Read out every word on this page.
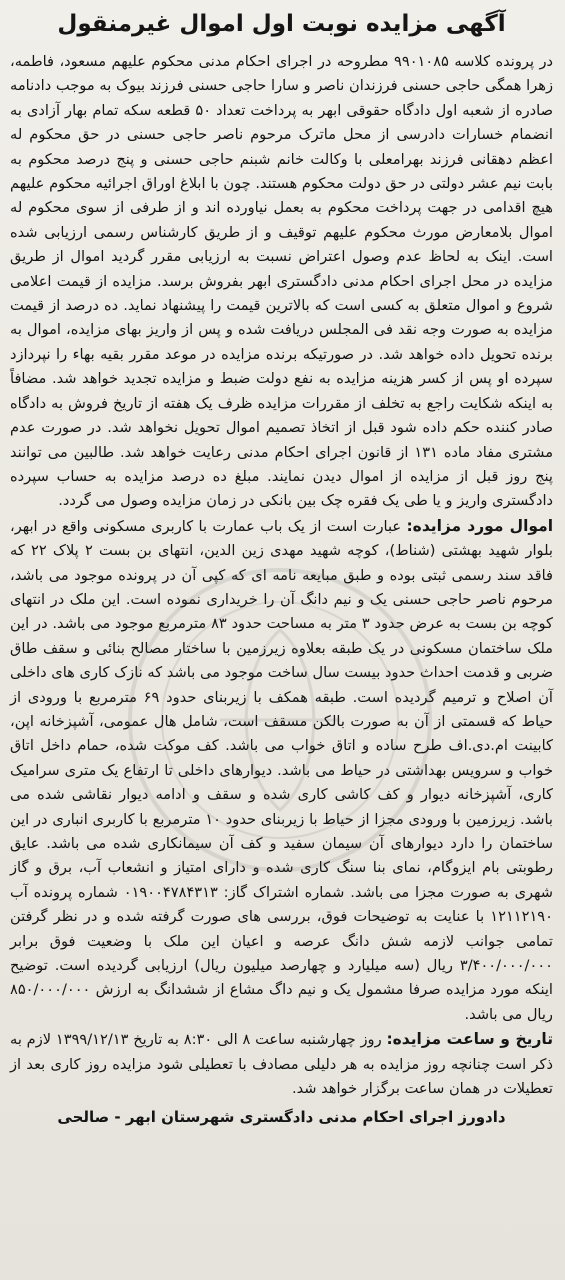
آگهی مزایده نوبت اول اموال غیرمنقول

در پرونده کلاسه ۹۹۰۱۰۸۵ مطروحه در اجرای احکام مدنی محکوم علیهم مسعود، فاطمه، زهرا همگی حاجی حسنی فرزندان ناصر و سارا حاجی حسنی فرزند بیوک به موجب دادنامه صادره از شعبه اول دادگاه حقوقی ابهر به پرداخت تعداد ۵۰ قطعه سکه تمام بهار آزادی به انضمام خسارات دادرسی از محل ماترک مرحوم ناصر حاجی حسنی در حق محکوم له اعظم دهقانی فرزند بهرامعلی با وکالت خانم شبنم حاجی حسنی و پنج درصد محکوم به بابت نیم عشر دولتی در حق دولت محکوم هستند. چون با ابلاغ اوراق اجرائیه محکوم علیهم هیچ اقدامی در جهت پرداخت محکوم به بعمل نیاورده اند و از طرفی از سوی محکوم له اموال بلامعارض مورث محکوم علیهم توقیف و از طریق کارشناس رسمی ارزیابی شده است. اینک به لحاظ عدم وصول اعتراض نسبت به ارزیابی مقرر گردید اموال از طریق مزایده در محل اجرای احکام مدنی دادگستری ابهر بفروش برسد. مزایده از قیمت اعلامی شروع و اموال متعلق به کسی است که بالاترین قیمت را پیشنهاد نماید. ده درصد از قیمت مزایده به صورت وجه نقد فی المجلس دریافت شده و پس از واریز بهای مزایده، اموال به برنده تحویل داده خواهد شد. در صورتیکه برنده مزایده در موعد مقرر بقیه بهاء را نپردازد سپرده او پس از کسر هزینه مزایده به نفع دولت ضبط و مزایده تجدید خواهد شد. مضافاً به اینکه شکایت راجع به تخلف از مقررات مزایده ظرف یک هفته از تاریخ فروش به دادگاه صادر کننده حکم داده شود قبل از اتخاذ تصمیم اموال تحویل نخواهد شد. در صورت عدم مشتری مفاد ماده ۱۳۱ از قانون اجرای احکام مدنی رعایت خواهد شد. طالبین می توانند پنج روز قبل از مزایده از اموال دیدن نمایند. مبلغ ده درصد مزایده به حساب سپرده دادگستری واریز و یا طی یک فقره چک بین بانکی در زمان مزایده وصول می گردد.

اموال مورد مزایده: عبارت است از یک باب عمارت با کاربری مسکونی واقع در ابهر، بلوار شهید بهشتی (شناط)، کوچه شهید مهدی زین الدین، انتهای بن بست ۲ پلاک ۲۲ که فاقد سند رسمی ثبتی بوده و طبق مبایعه نامه ای که کپی آن در پرونده موجود می باشد، مرحوم ناصر حاجی حسنی یک و نیم دانگ آن را خریداری نموده است. این ملک در انتهای کوچه بن بست به عرض حدود ۳ متر به مساحت حدود ۸۳ مترمربع موجود می باشد. در این ملک ساختمان مسکونی در یک طبقه بعلاوه زیرزمین با ساختار مصالح بنائی و سقف طاق ضربی و قدمت احداث حدود بیست سال ساخت موجود می باشد که نازک کاری های داخلی آن اصلاح و ترمیم گردیده است. طبقه همکف با زیربنای حدود ۶۹ مترمربع با ورودی از حیاط که قسمتی از آن به صورت بالکن مسقف است، شامل هال عمومی، آشپزخانه اپن، کابینت ام.دی.اف طرح ساده و اتاق خواب می باشد. کف موکت شده، حمام داخل اتاق خواب و سرویس بهداشتی در حیاط می باشد. دیوارهای داخلی تا ارتفاع یک متری سرامیک کاری، آشپزخانه دیوار و کف کاشی کاری شده و سقف و ادامه دیوار نقاشی شده می باشد. زیرزمین با ورودی مجزا از حیاط با زیربنای حدود ۱۰ مترمربع با کاربری انباری در این ساختمان را دارد دیوارهای آن سیمان سفید و کف آن سیمانکاری شده می باشد. عایق رطوبتی بام ایزوگام، نمای بنا سنگ کاری شده و دارای امتیاز و انشعاب آب، برق و گاز شهری به صورت مجزا می باشد. شماره اشتراک گاز: ۰۱۹۰۰۴۷۸۴۳۱۳ شماره پرونده آب ۱۲۱۱۲۱۹۰ با عنایت به توضیحات فوق، بررسی های صورت گرفته شده و در نظر گرفتن تمامی جوانب لازمه شش دانگ عرصه و اعیان این ملک با وضعیت فوق برابر ۳/۴۰۰/۰۰۰/۰۰۰ ریال (سه میلیارد و چهارصد میلیون ریال) ارزیابی گردیده است. توضیح اینکه مورد مزایده صرفا مشمول یک و نیم داگ مشاع از ششدانگ به ارزش ۸۵۰/۰۰۰/۰۰۰ ریال می باشد.

تاریخ و ساعت مزایده: روز چهارشنبه ساعت ۸ الی ۸:۳۰ به تاریخ ۱۳۹۹/۱۲/۱۳ لازم به ذکر است چنانچه روز مزایده به هر دلیلی مصادف با تعطیلی شود مزایده روز کاری بعد از تعطیلات در همان ساعت برگزار خواهد شد.

دادورز اجرای احکام مدنی دادگستری شهرستان ابهر - صالحی
